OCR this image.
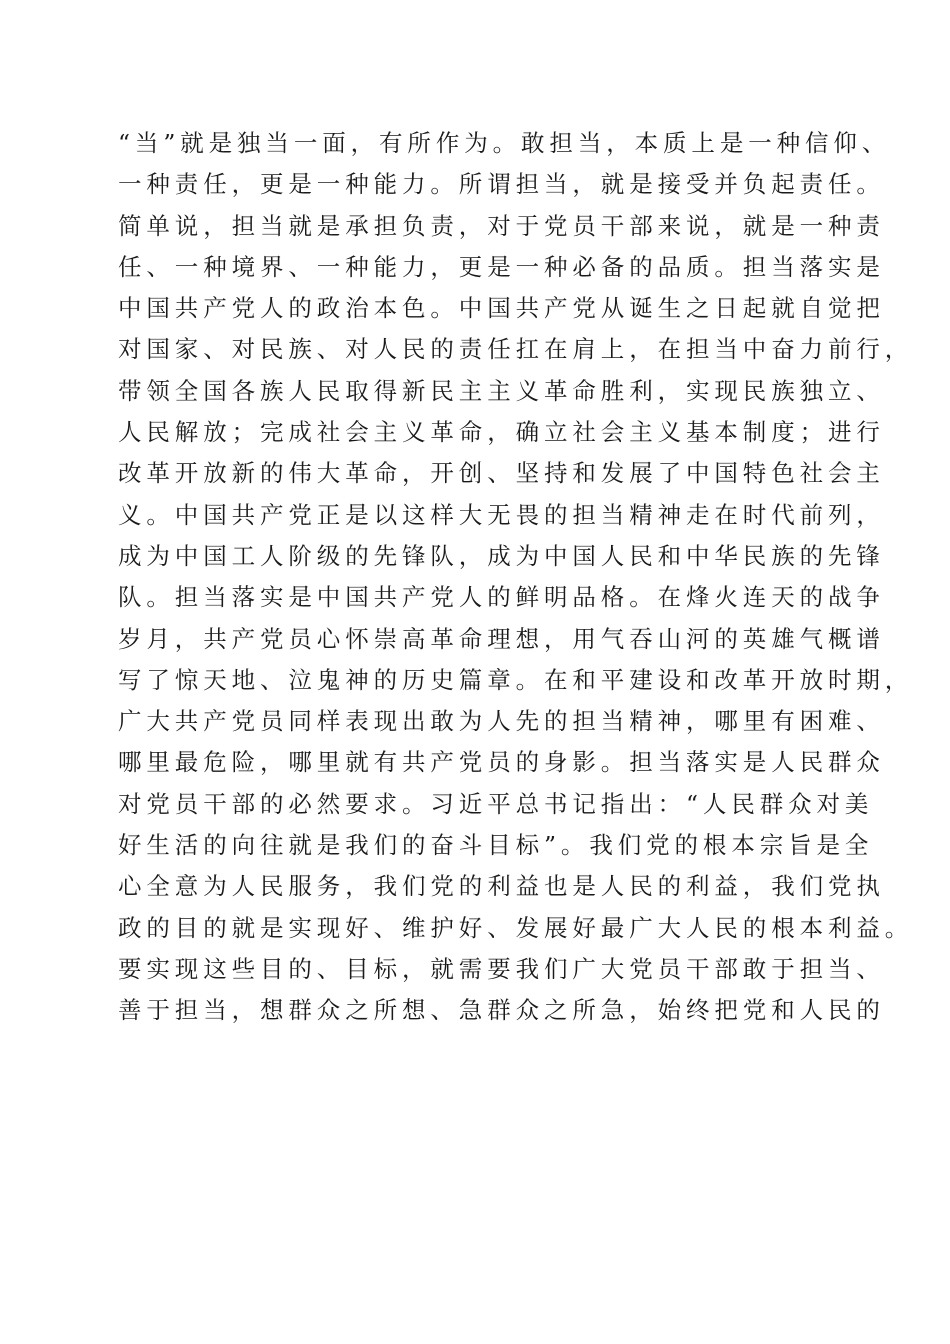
“当”就是独当一面，有所作为。敢担当，本质上是一种信仰、
一种责任，更是一种能力。所谓担当，就是接受并负起责任。
简单说，担当就是承担负责，对于党员干部来说，就是一种责
任、一种境界、一种能力，更是一种必备的品质。担当落实是
中国共产党人的政治本色。中国共产党从诞生之日起就自觉把
对国家、对民族、对人民的责任扛在肩上，在担当中奋力前行，
带领全国各族人民取得新民主主义革命胜利，实现民族独立、
人民解放；完成社会主义革命，确立社会主义基本制度；进行
改革开放新的伟大革命，开创、坚持和发展了中国特色社会主
义。中国共产党正是以这样大无畏的担当精神走在时代前列，
成为中国工人阶级的先锋队，成为中国人民和中华民族的先锋
队。担当落实是中国共产党人的鲜明品格。在烽火连天的战争
岁月，共产党员心怀崇高革命理想，用气吞山河的英雄气概谱
写了惊天地、泣鬼神的历史篇章。在和平建设和改革开放时期，
广大共产党员同样表现出敢为人先的担当精神，哪里有困难、
哪里最危险，哪里就有共产党员的身影。担当落实是人民群众
对党员干部的必然要求。习近平总书记指出：“人民群众对美
好生活的向往就是我们的奋斗目标”。我们党的根本宗旨是全
心全意为人民服务，我们党的利益也是人民的利益，我们党执
政的目的就是实现好、维护好、发展好最广大人民的根本利益。
要实现这些目的、目标，就需要我们广大党员干部敢于担当、
善于担当，想群众之所想、急群众之所急，始终把党和人民的
